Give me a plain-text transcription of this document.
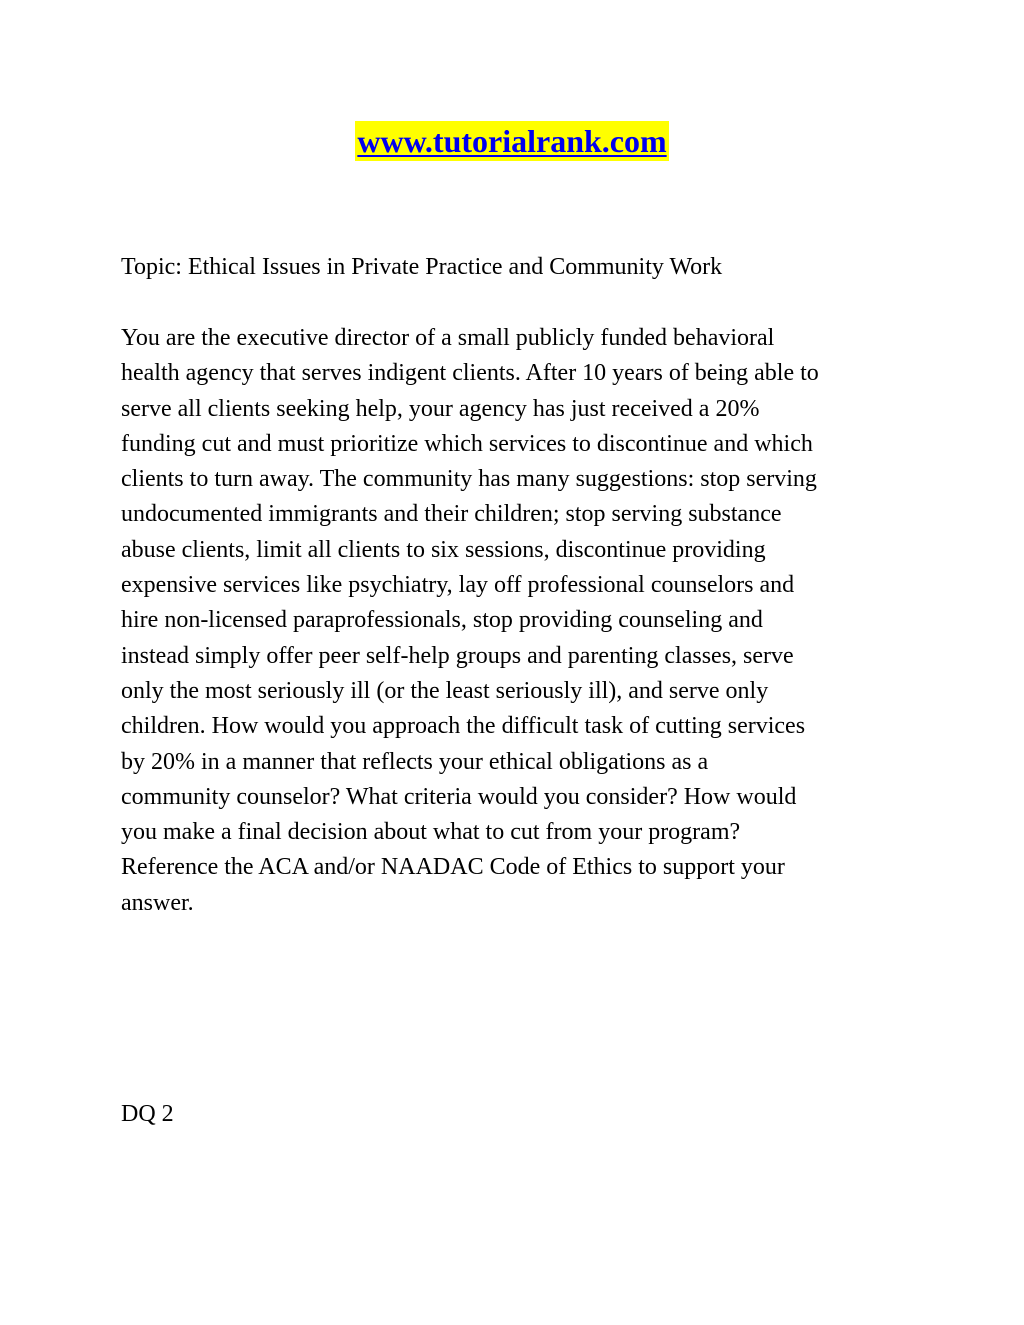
www.tutorialrank.com
Topic: Ethical Issues in Private Practice and Community Work
You are the executive director of a small publicly funded behavioral
health agency that serves indigent clients. After 10 years of being able to
serve all clients seeking help, your agency has just received a 20%
funding cut and must prioritize which services to discontinue and which
clients to turn away. The community has many suggestions: stop serving
undocumented immigrants and their children; stop serving substance
abuse clients, limit all clients to six sessions, discontinue providing
expensive services like psychiatry, lay off professional counselors and
hire non-licensed paraprofessionals, stop providing counseling and
instead simply offer peer self-help groups and parenting classes, serve
only the most seriously ill (or the least seriously ill), and serve only
children. How would you approach the difficult task of cutting services
by 20% in a manner that reflects your ethical obligations as a
community counselor? What criteria would you consider? How would
you make a final decision about what to cut from your program?
Reference the ACA and/or NAADAC Code of Ethics to support your
answer.
DQ 2
